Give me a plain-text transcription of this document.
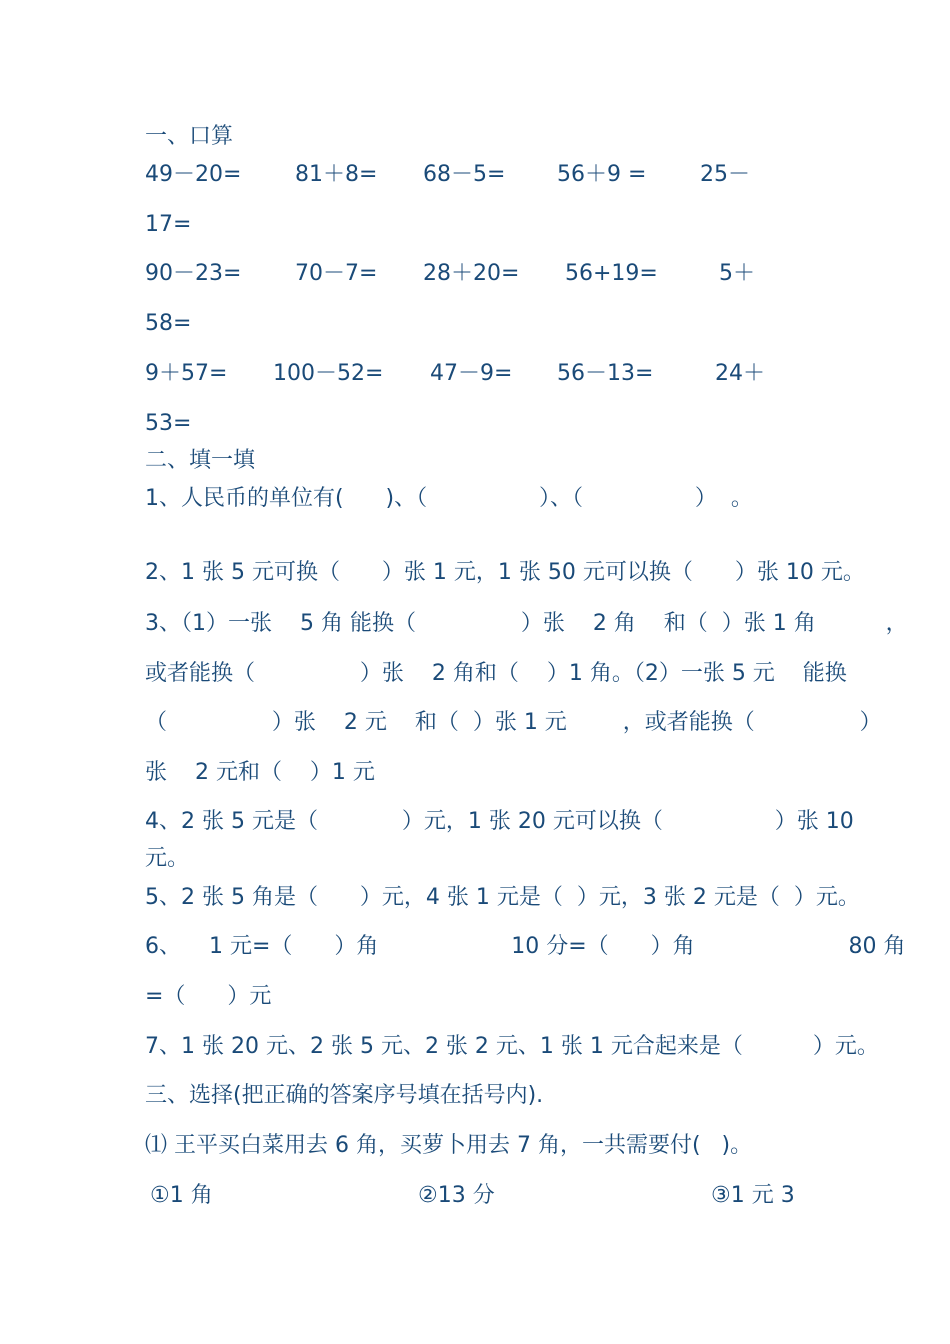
一、口算
49－20= 81＋8= 68－5= 56＋9 = 25－
17=
90－23= 70－7= 28＋20= 56+19=	5＋
58=
9＋57= 100－52= 47－9= 56－13=	24＋
53=
二、填一填
1、人民币的单位有(      )、（                ）、（                ）  。
2、1 张 5 元可换（      ）张 1 元，1 张 50 元可以换（      ）张 10 元。
3、（1）一张    5 角 能换（               ）张    2 角    和（  ）张 1 角          ，
或者能换（               ）张    2 角和（    ）1 角。（2）一张 5 元    能换
（               ）张    2 元    和（  ）张 1 元        ，或者能换（               ）
张    2 元和（    ）1 元
4、2 张 5 元是（            ）元，1 张 20 元可以换（                ）张 10
元。
5、2 张 5 角是（      ）元，4 张 1 元是（  ）元，3 张 2 元是（  ）元。
6、    1 元=（      ）角                   10 分=（      ）角                      80 角
=（      ）元
7、1 张 20 元、2 张 5 元、2 张 2 元、1 张 1 元合起来是（          ）元。
三、选择(把正确的答案序号填在括号内).
⑴ 王平买白菜用去 6 角，买萝卜用去 7 角，一共需要付(   )。
①1 角	②13 分	③1 元 3
